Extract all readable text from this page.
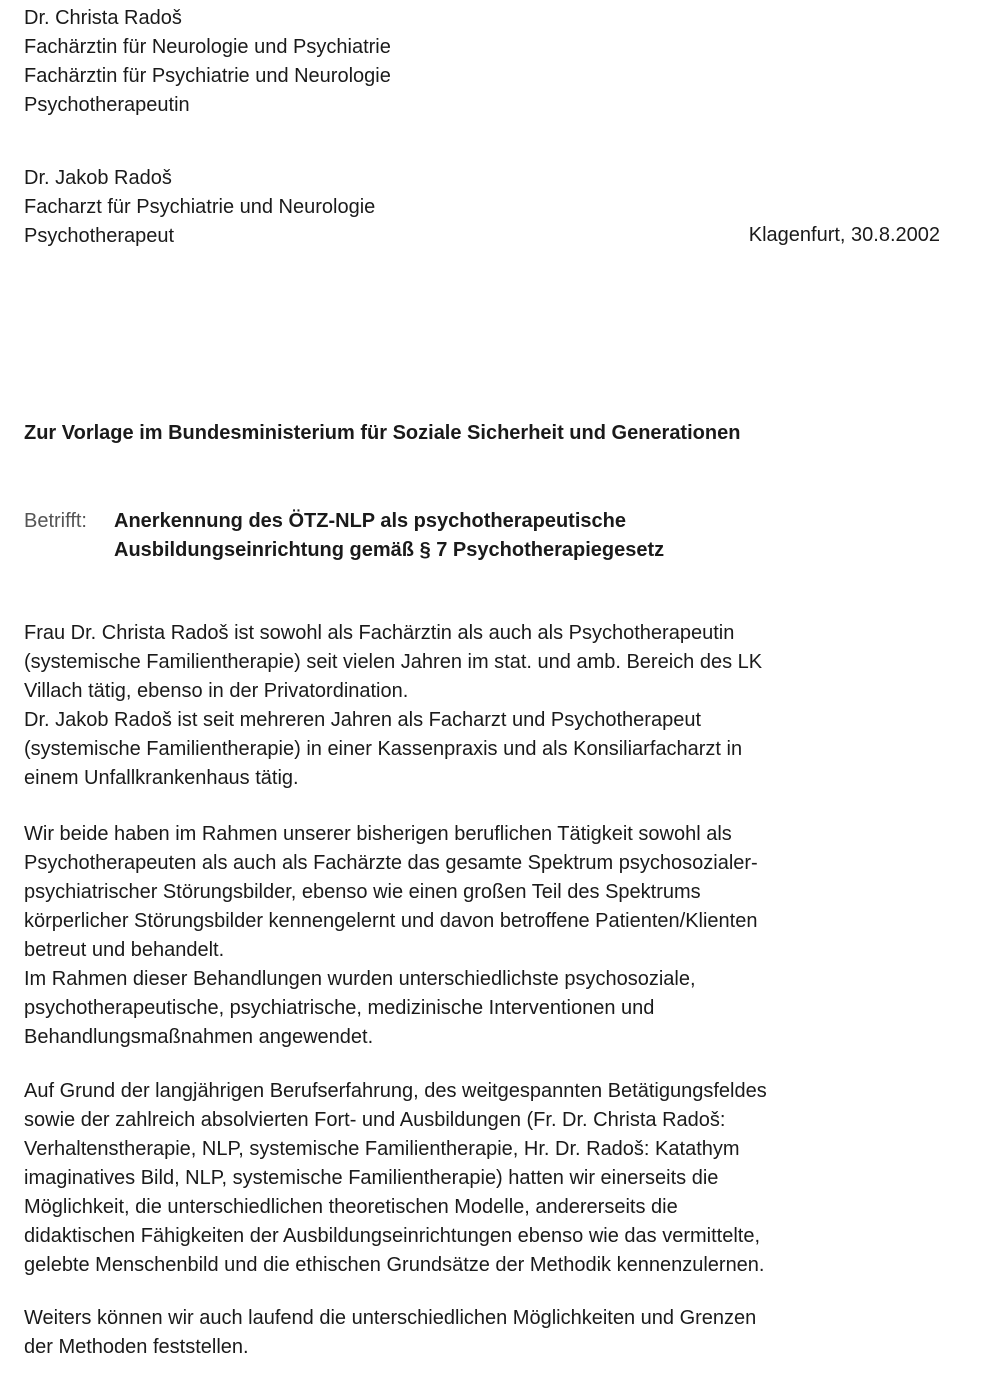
Dr. Christa Radoš
Fachärztin für Neurologie und Psychiatrie
Fachärztin für Psychiatrie und Neurologie
Psychotherapeutin
Dr. Jakob Radoš
Facharzt für Psychiatrie und Neurologie
Psychotherapeut	Klagenfurt, 30.8.2002
Zur Vorlage im Bundesministerium für Soziale Sicherheit und Generationen
Betrifft: Anerkennung des ÖTZ-NLP als psychotherapeutische
Ausbildungseinrichtung gemäß § 7 Psychotherapiegesetz
Frau Dr. Christa Radoš ist sowohl als Fachärztin als auch als Psychotherapeutin
(systemische Familientherapie) seit vielen Jahren im stat. und amb. Bereich des LK
Villach tätig, ebenso in der Privatordination.
Dr. Jakob Radoš ist seit mehreren Jahren als Facharzt und Psychotherapeut
(systemische Familientherapie) in einer Kassenpraxis und als Konsiliarfacharzt in
einem Unfallkrankenhaus tätig.
Wir beide haben im Rahmen unserer bisherigen beruflichen Tätigkeit sowohl als
Psychotherapeuten als auch als Fachärzte das gesamte Spektrum psychosozialer-
psychiatrischer Störungsbilder, ebenso wie einen großen Teil des Spektrums
körperlicher Störungsbilder kennengelernt und davon betroffene Patienten/Klienten
betreut und behandelt.
Im Rahmen dieser Behandlungen wurden unterschiedlichste psychosoziale,
psychotherapeutische, psychiatrische, medizinische Interventionen und
Behandlungsmaßnahmen angewendet.
Auf Grund der langjährigen Berufserfahrung, des weitgespannten Betätigungsfeldes
sowie der zahlreich absolvierten Fort- und Ausbildungen (Fr. Dr. Christa Radoš:
Verhaltenstherapie, NLP, systemische Familientherapie, Hr. Dr. Radoš: Katathym
imaginatives Bild, NLP, systemische Familientherapie) hatten wir einerseits die
Möglichkeit, die unterschiedlichen theoretischen Modelle, andererseits die
didaktischen Fähigkeiten der Ausbildungseinrichtungen ebenso wie das vermittelte,
gelebte Menschenbild und die ethischen Grundsätze der Methodik kennenzulernen.
Weiters können wir auch laufend die unterschiedlichen Möglichkeiten und Grenzen
der Methoden feststellen.
